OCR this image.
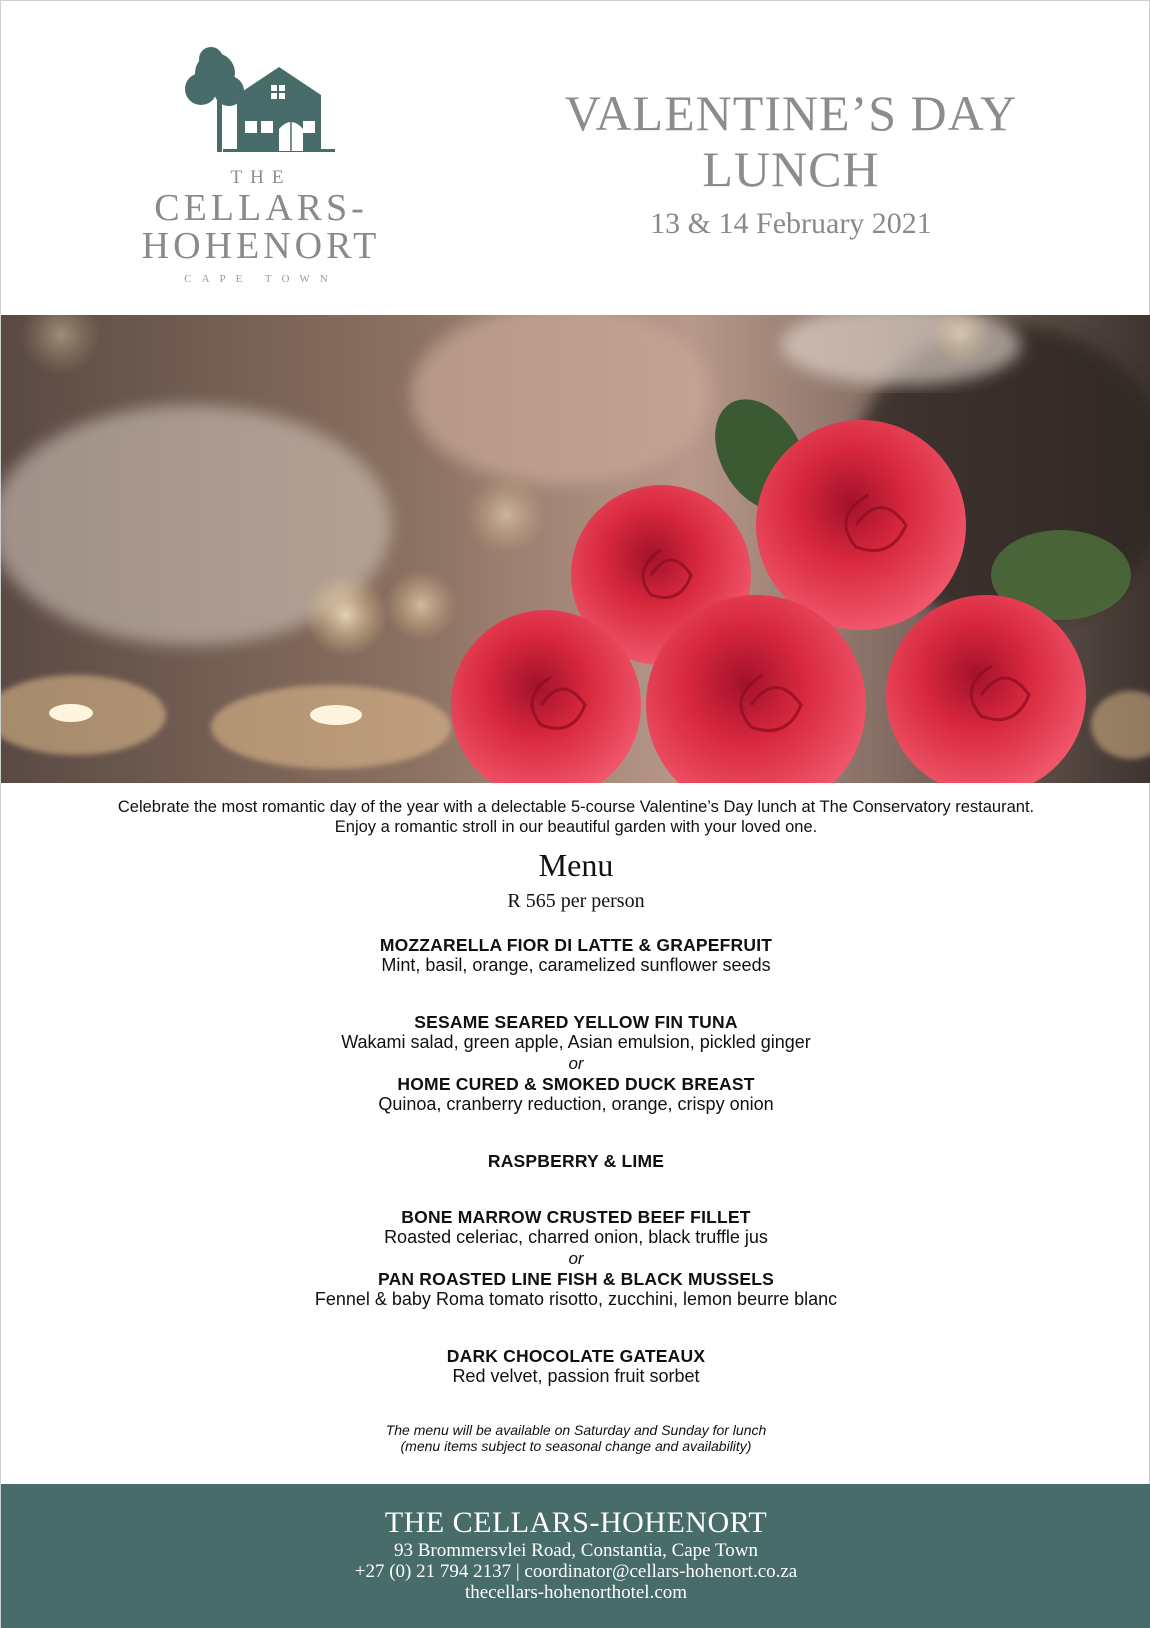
THE
CELLARS-
HOHENORT
CAPE TOWN
VALENTINE’S DAY
LUNCH
13 & 14 February 2021
Celebrate the most romantic day of the year with a delectable 5-course Valentine’s Day lunch at The Conservatory restaurant.
Enjoy a romantic stroll in our beautiful garden with your loved one.
Menu
R 565 per person
MOZZARELLA FIOR DI LATTE & GRAPEFRUIT
Mint, basil, orange, caramelized sunflower seeds
SESAME SEARED YELLOW FIN TUNA
Wakami salad, green apple, Asian emulsion, pickled ginger
or
HOME CURED & SMOKED DUCK BREAST
Quinoa, cranberry reduction, orange, crispy onion
RASPBERRY & LIME
BONE MARROW CRUSTED BEEF FILLET
Roasted celeriac, charred onion, black truffle jus
or
PAN ROASTED LINE FISH & BLACK MUSSELS
Fennel & baby Roma tomato risotto, zucchini, lemon beurre blanc
DARK CHOCOLATE GATEAUX
Red velvet, passion fruit sorbet
The menu will be available on Saturday and Sunday for lunch
(menu items subject to seasonal change and availability)
THE CELLARS-HOHENORT
93 Brommersvlei Road, Constantia, Cape Town
+27 (0) 21 794 2137 | coordinator@cellars-hohenort.co.za
thecellars-hohenorthotel.com
